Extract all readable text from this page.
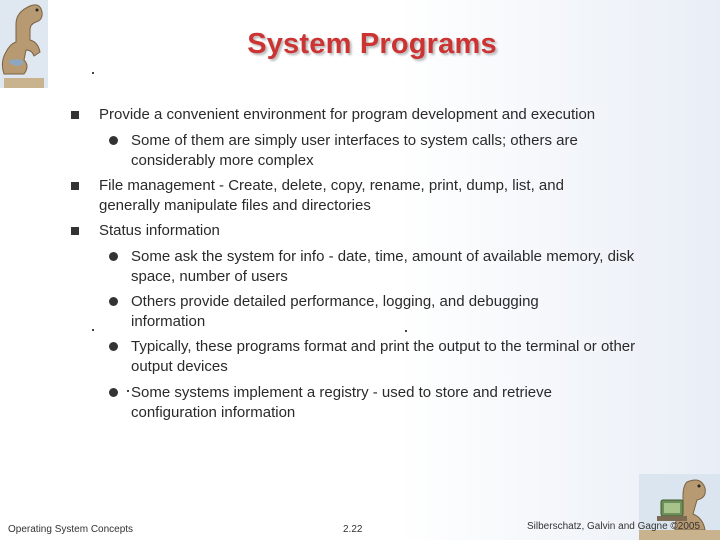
System Programs
Provide a convenient environment for program development and execution
Some of them are simply user interfaces to system calls; others are considerably more complex
File management - Create, delete, copy, rename, print, dump, list, and generally manipulate files and directories
Status information
Some ask the system for info - date, time, amount of available memory, disk space, number of users
Others provide detailed performance, logging, and debugging information
Typically, these programs format and print the output to the terminal or other output devices
Some systems implement a registry - used to store and retrieve configuration information
Operating System Concepts	2.22	Silberschatz, Galvin and Gagne ©2005
